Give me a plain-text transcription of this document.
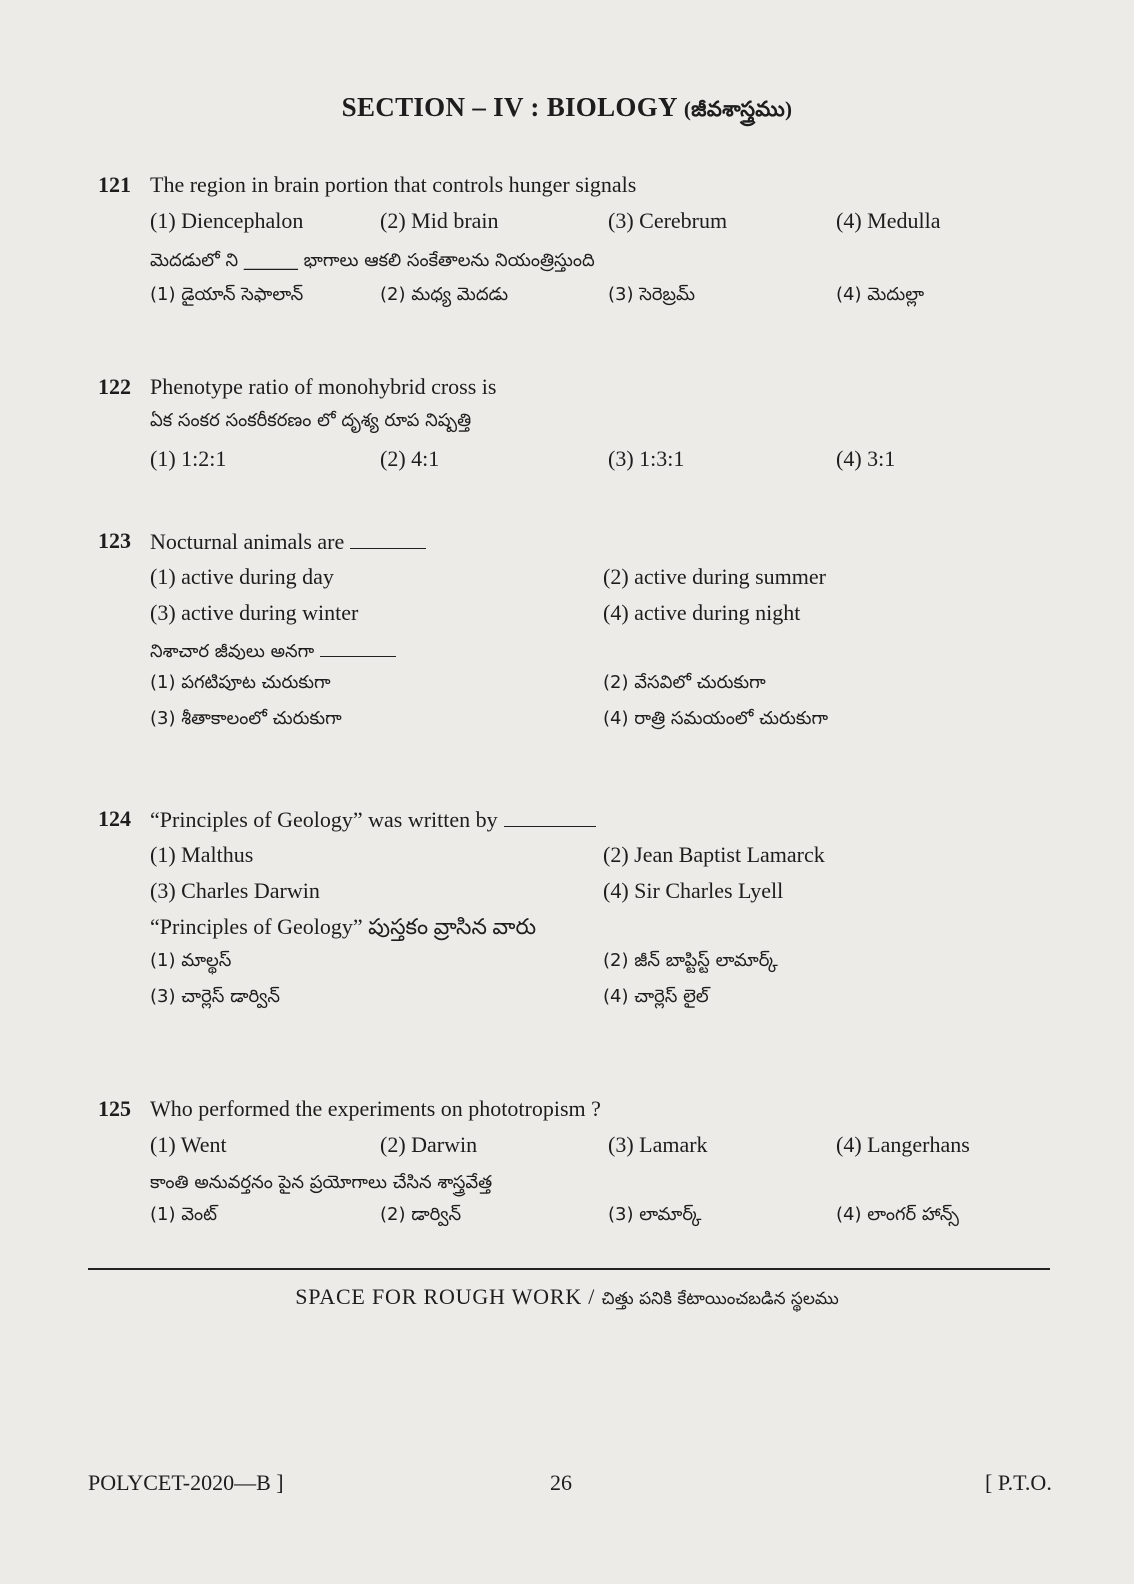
SECTION – IV : BIOLOGY (జీవశాస్త్రము)
121 The region in brain portion that controls hunger signals
(1) Diencephalon	(2) Mid brain	(3) Cerebrum	(4) Medulla
మెదడులో ని ______ భాగాలు ఆకలి సంకేతాలను నియంత్రిస్తుంది
(1) డైయాన్ సెఫాలాన్	(2) మధ్య మెదడు	(3) సెరెబ్రమ్	(4) మెదుల్లా
122 Phenotype ratio of monohybrid cross is
ఏక సంకర సంకరీకరణం లో దృశ్య రూప నిష్పత్తి
(1) 1:2:1	(2) 4:1	(3) 1:3:1	(4) 3:1
123 Nocturnal animals are
(1) active during day	(2) active during summer
(3) active during winter	(4) active during night
నిశాచార జీవులు అనగా
(1) పగటిపూట చురుకుగా	(2) వేసవిలో చురుకుగా
(3) శీతాకాలంలో చురుకుగా	(4) రాత్రి సమయంలో చురుకుగా
124 “Principles of Geology” was written by
(1) Malthus	(2) Jean Baptist Lamarck
(3) Charles Darwin	(4) Sir Charles Lyell
“Principles of Geology” పుస్తకం వ్రాసిన వారు
(1) మాల్థస్	(2) జీన్ బాప్టిస్ట్ లామార్క్
(3) చార్లెస్ డార్విన్	(4) చార్లెస్ లైల్
125 Who performed the experiments on phototropism ?
(1) Went	(2) Darwin	(3) Lamark	(4) Langerhans
కాంతి అనువర్తనం పైన ప్రయోగాలు చేసిన శాస్త్రవేత్త
(1) వెంట్	(2) డార్విన్	(3) లామార్క్	(4) లాంగర్ హాన్స్
SPACE FOR ROUGH WORK / చిత్తు పనికి కేటాయించబడిన స్థలము
POLYCET-2020—B ]	26	[ P.T.O.
